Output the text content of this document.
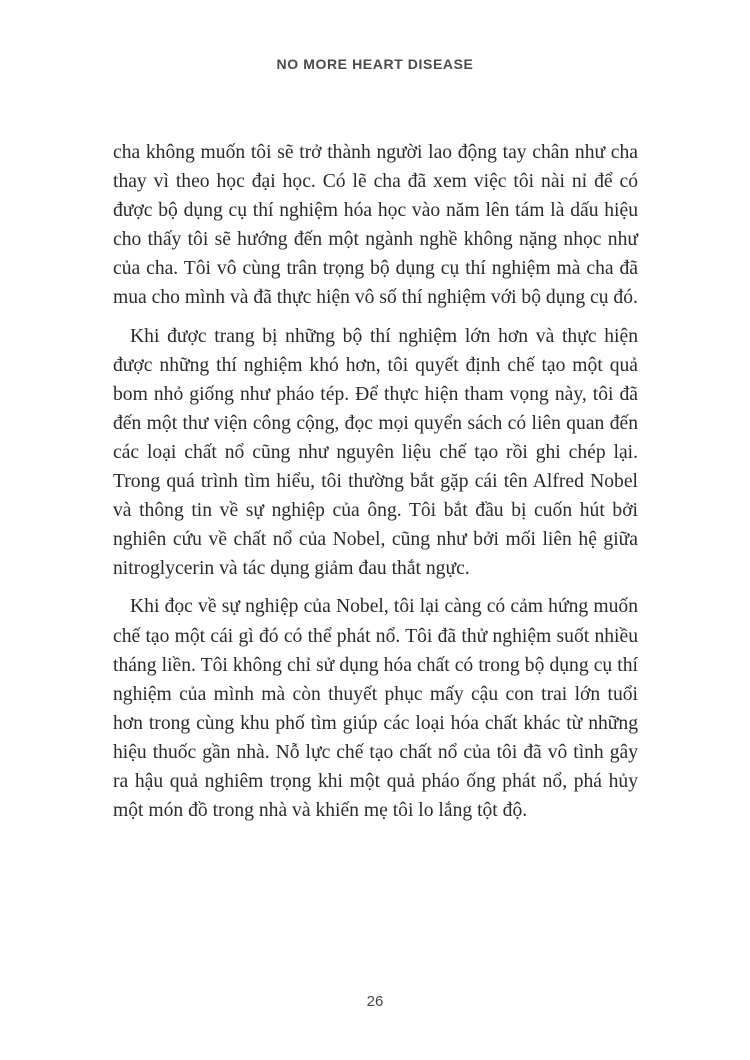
NO MORE HEART DISEASE

cha không muốn tôi sẽ trở thành người lao động tay chân như cha thay vì theo học đại học. Có lẽ cha đã xem việc tôi nài nỉ để có được bộ dụng cụ thí nghiệm hóa học vào năm lên tám là dấu hiệu cho thấy tôi sẽ hướng đến một ngành nghề không nặng nhọc như của cha. Tôi vô cùng trân trọng bộ dụng cụ thí nghiệm mà cha đã mua cho mình và đã thực hiện vô số thí nghiệm với bộ dụng cụ đó.

Khi được trang bị những bộ thí nghiệm lớn hơn và thực hiện được những thí nghiệm khó hơn, tôi quyết định chế tạo một quả bom nhỏ giống như pháo tép. Để thực hiện tham vọng này, tôi đã đến một thư viện công cộng, đọc mọi quyển sách có liên quan đến các loại chất nổ cũng như nguyên liệu chế tạo rồi ghi chép lại. Trong quá trình tìm hiểu, tôi thường bắt gặp cái tên Alfred Nobel và thông tin về sự nghiệp của ông. Tôi bắt đầu bị cuốn hút bởi nghiên cứu về chất nổ của Nobel, cũng như bởi mối liên hệ giữa nitroglycerin và tác dụng giảm đau thắt ngực.

Khi đọc về sự nghiệp của Nobel, tôi lại càng có cảm hứng muốn chế tạo một cái gì đó có thể phát nổ. Tôi đã thử nghiệm suốt nhiều tháng liền. Tôi không chỉ sử dụng hóa chất có trong bộ dụng cụ thí nghiệm của mình mà còn thuyết phục mấy cậu con trai lớn tuổi hơn trong cùng khu phố tìm giúp các loại hóa chất khác từ những hiệu thuốc gần nhà. Nỗ lực chế tạo chất nổ của tôi đã vô tình gây ra hậu quả nghiêm trọng khi một quả pháo ống phát nổ, phá hủy một món đồ trong nhà và khiến mẹ tôi lo lắng tột độ.

26
